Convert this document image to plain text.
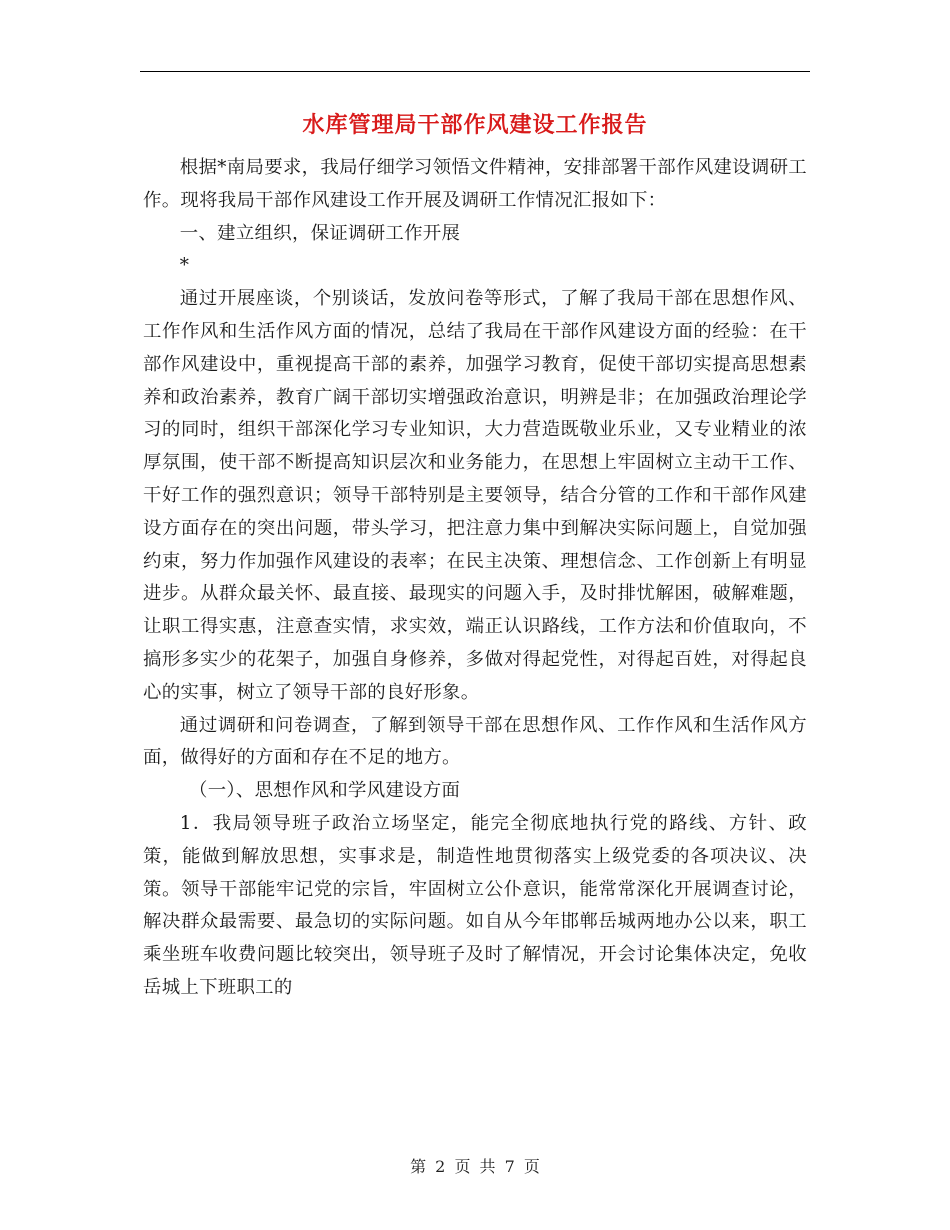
水库管理局干部作风建设工作报告

根据*南局要求，我局仔细学习领悟文件精神，安排部署干部作风建设调研工作。现将我局干部作风建设工作开展及调研工作情况汇报如下：

一、建立组织，保证调研工作开展

*

通过开展座谈，个别谈话，发放问卷等形式，了解了我局干部在思想作风、工作作风和生活作风方面的情况，总结了我局在干部作风建设方面的经验：在干部作风建设中，重视提高干部的素养，加强学习教育，促使干部切实提高思想素养和政治素养，教育广阔干部切实增强政治意识，明辨是非；在加强政治理论学习的同时，组织干部深化学习专业知识，大力营造既敬业乐业，又专业精业的浓厚氛围，使干部不断提高知识层次和业务能力，在思想上牢固树立主动干工作、干好工作的强烈意识；领导干部特别是主要领导，结合分管的工作和干部作风建设方面存在的突出问题，带头学习，把注意力集中到解决实际问题上，自觉加强约束，努力作加强作风建设的表率；在民主决策、理想信念、工作创新上有明显进步。从群众最关怀、最直接、最现实的问题入手，及时排忧解困，破解难题，让职工得实惠，注意查实情，求实效，端正认识路线，工作方法和价值取向，不搞形多实少的花架子，加强自身修养，多做对得起党性，对得起百姓，对得起良心的实事，树立了领导干部的良好形象。

通过调研和问卷调查，了解到领导干部在思想作风、工作作风和生活作风方面，做得好的方面和存在不足的地方。

（一）、思想作风和学风建设方面

1．我局领导班子政治立场坚定，能完全彻底地执行党的路线、方针、政策，能做到解放思想，实事求是，制造性地贯彻落实上级党委的各项决议、决策。领导干部能牢记党的宗旨，牢固树立公仆意识，能常常深化开展调查讨论，解决群众最需要、最急切的实际问题。如自从今年邯郸岳城两地办公以来，职工乘坐班车收费问题比较突出，领导班子及时了解情况，开会讨论集体决定，免收岳城上下班职工的

第 2 页 共 7 页
